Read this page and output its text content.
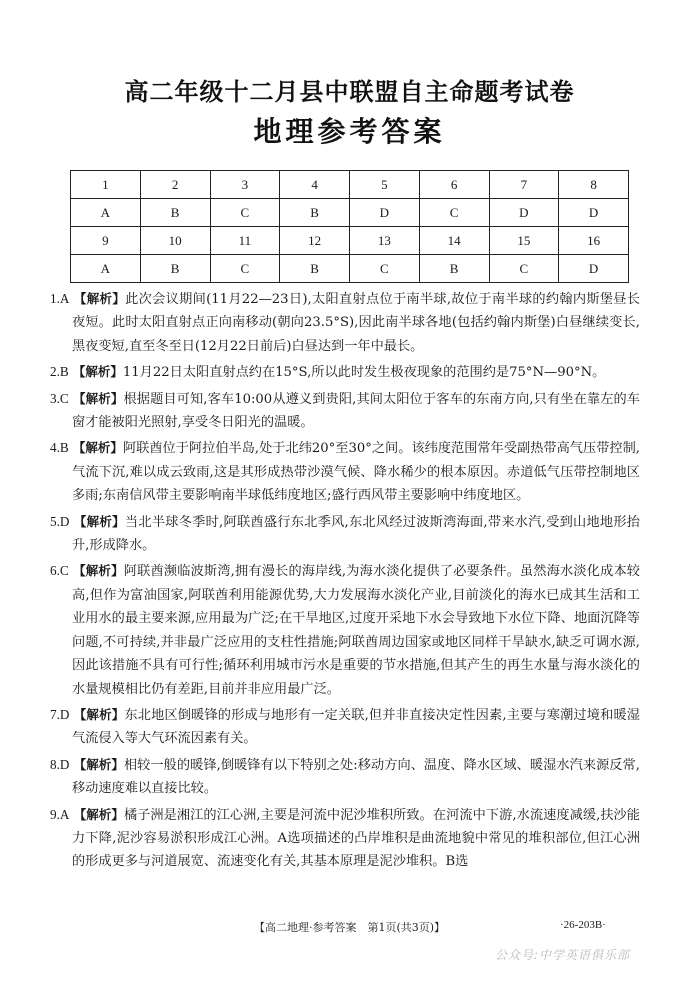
高二年级十二月县中联盟自主命题考试卷
地理参考答案
1	2	3	4	5	6	7	8
A	B	C	B	D	C	D	D
9	10	11	12	13	14	15	16
A	B	C	B	C	B	C	D
1.A 【解析】此次会议期间(11月22—23日),太阳直射点位于南半球,故位于南半球的约翰内斯堡昼长夜短。此时太阳直射点正向南移动(朝向23.5°S),因此南半球各地(包括约翰内斯堡)白昼继续变长,黑夜变短,直至冬至日(12月22日前后)白昼达到一年中最长。
2.B 【解析】11月22日太阳直射点约在15°S,所以此时发生极夜现象的范围约是75°N—90°N。
3.C 【解析】根据题目可知,客车10:00从遵义到贵阳,其间太阳位于客车的东南方向,只有坐在靠左的车窗才能被阳光照射,享受冬日阳光的温暖。
4.B 【解析】阿联酋位于阿拉伯半岛,处于北纬20°至30°之间。该纬度范围常年受副热带高气压带控制,气流下沉,难以成云致雨,这是其形成热带沙漠气候、降水稀少的根本原因。赤道低气压带控制地区多雨;东南信风带主要影响南半球低纬度地区;盛行西风带主要影响中纬度地区。
5.D 【解析】当北半球冬季时,阿联酋盛行东北季风,东北风经过波斯湾海面,带来水汽,受到山地地形抬升,形成降水。
6.C 【解析】阿联酋濒临波斯湾,拥有漫长的海岸线,为海水淡化提供了必要条件。虽然海水淡化成本较高,但作为富油国家,阿联酋利用能源优势,大力发展海水淡化产业,目前淡化的海水已成其生活和工业用水的最主要来源,应用最为广泛;在干旱地区,过度开采地下水会导致地下水位下降、地面沉降等问题,不可持续,并非最广泛应用的支柱性措施;阿联酋周边国家或地区同样干旱缺水,缺乏可调水源,因此该措施不具有可行性;循环利用城市污水是重要的节水措施,但其产生的再生水量与海水淡化的水量规模相比仍有差距,目前并非应用最广泛。
7.D 【解析】东北地区倒暖锋的形成与地形有一定关联,但并非直接决定性因素,主要与寒潮过境和暖湿气流侵入等大气环流因素有关。
8.D 【解析】相较一般的暖锋,倒暖锋有以下特别之处:移动方向、温度、降水区域、暖湿水汽来源反常,移动速度难以直接比较。
9.A 【解析】橘子洲是湘江的江心洲,主要是河流中泥沙堆积所致。在河流中下游,水流速度减缓,扶沙能力下降,泥沙容易淤积形成江心洲。A选项描述的凸岸堆积是曲流地貌中常见的堆积部位,但江心洲的形成更多与河道展宽、流速变化有关,其基本原理是泥沙堆积。B选
【高二地理·参考答案　第1页(共3页)】	·26-203B·
公众号:中学英语俱乐部
